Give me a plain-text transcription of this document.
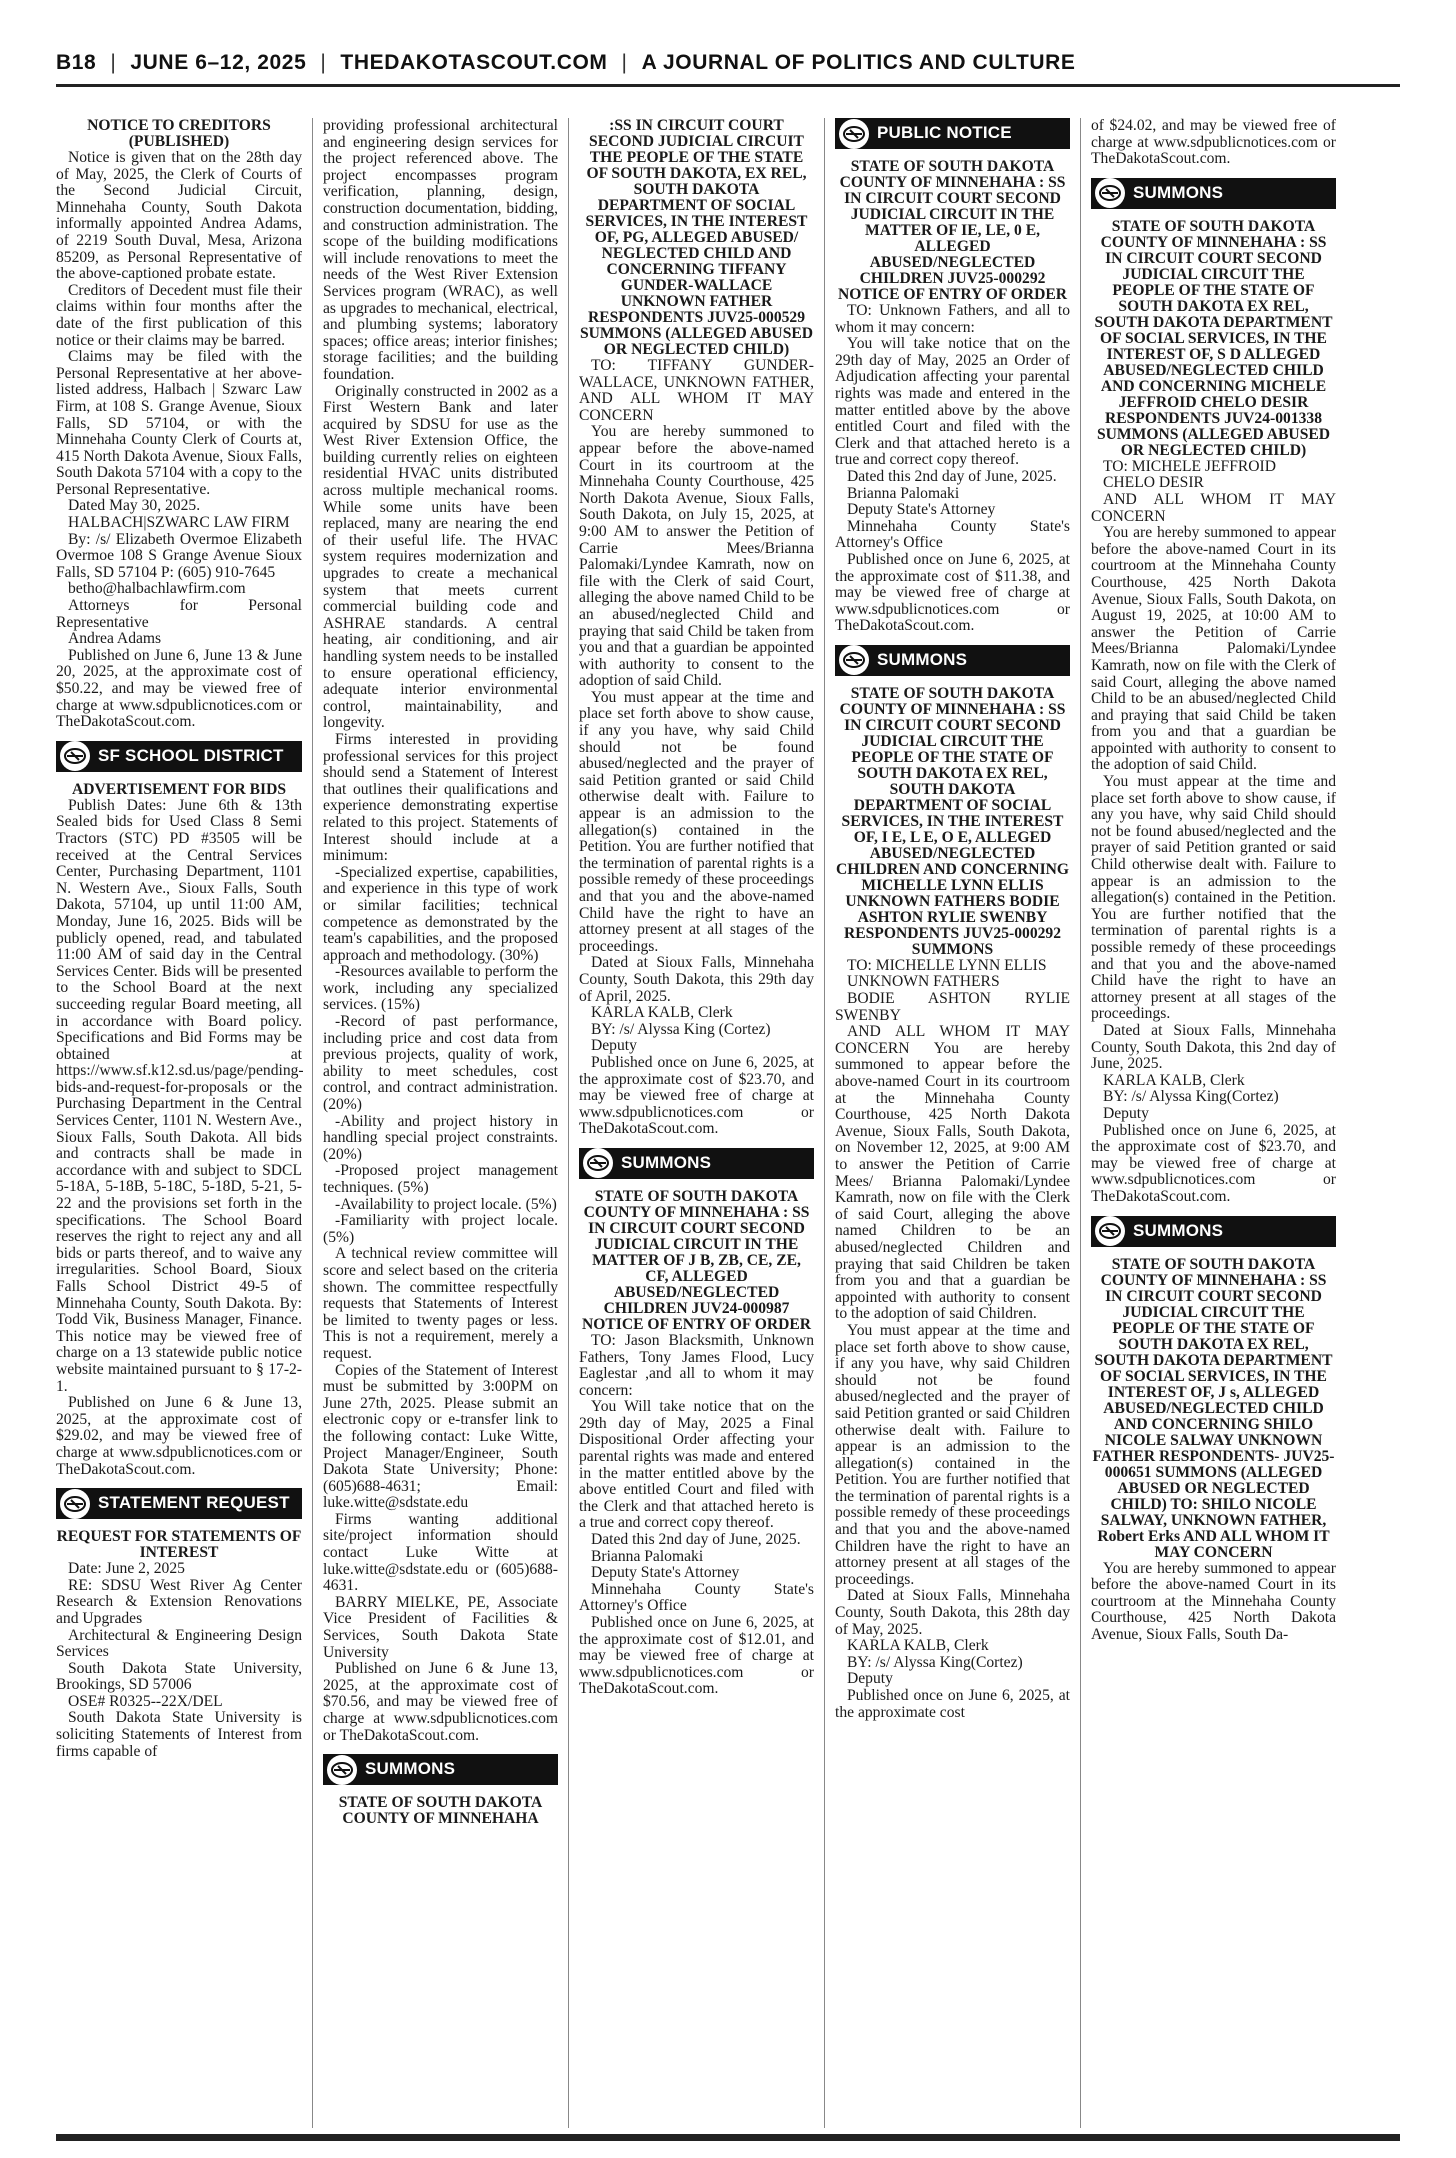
B18 | JUNE 6–12, 2025 | THEDAKOTASCOUT.COM | A JOURNAL OF POLITICS AND CULTURE

NOTICE TO CREDITORS (PUBLISHED)

Notice is given that on the 28th day of May, 2025, the Clerk of Courts of the Second Judicial Circuit, Minnehaha County, South Dakota informally appointed Andrea Adams, of 2219 South Duval, Mesa, Arizona 85209, as Personal Representative of the above-captioned probate estate.

Creditors of Decedent must file their claims within four months after the date of the first publication of this notice or their claims may be barred.

Claims may be filed with the Personal Representative at her above-listed address, Halbach | Szwarc Law Firm, at 108 S. Grange Avenue, Sioux Falls, SD 57104, or with the Minnehaha County Clerk of Courts at, 415 North Dakota Avenue, Sioux Falls, South Dakota 57104 with a copy to the Personal Representative.

Dated May 30, 2025.

HALBACH|SZWARC LAW FIRM

By: /s/ Elizabeth Overmoe Elizabeth Overmoe 108 S Grange Avenue Sioux Falls, SD 57104 P: (605) 910-7645

betho@halbachlawfirm.com

Attorneys for Personal Representative

Andrea Adams

Published on June 6, June 13 & June 20, 2025, at the approximate cost of $50.22, and may be viewed free of charge at www.sdpublicnotices.com or TheDakotaScout.com.

SF SCHOOL DISTRICT

ADVERTISEMENT FOR BIDS

Publish Dates: June 6th & 13th Sealed bids for Used Class 8 Semi Tractors (STC) PD #3505 will be received at the Central Services Center, Purchasing Department, 1101 N. Western Ave., Sioux Falls, South Dakota, 57104, up until 11:00 AM, Monday, June 16, 2025. Bids will be publicly opened, read, and tabulated 11:00 AM of said day in the Central Services Center. Bids will be presented to the School Board at the next succeeding regular Board meeting, all in accordance with Board policy. Specifications and Bid Forms may be obtained at https://www.sf.k12.sd.us/page/pending-bids-and-request-for-proposals or the Purchasing Department in the Central Services Center, 1101 N. Western Ave., Sioux Falls, South Dakota. All bids and contracts shall be made in accordance with and subject to SDCL 5-18A, 5-18B, 5-18C, 5-18D, 5-21, 5-22 and the provisions set forth in the specifications. The School Board reserves the right to reject any and all bids or parts thereof, and to waive any irregularities. School Board, Sioux Falls School District 49-5 of Minnehaha County, South Dakota. By: Todd Vik, Business Manager, Finance. This notice may be viewed free of charge on a 13 statewide public notice website maintained pursuant to § 17-2-1.

Published on June 6 & June 13, 2025, at the approximate cost of $29.02, and may be viewed free of charge at www.sdpublicnotices.com or TheDakotaScout.com.

STATEMENT REQUEST

REQUEST FOR STATEMENTS OF INTEREST

Date: June 2, 2025

RE: SDSU West River Ag Center Research & Extension Renovations and Upgrades

Architectural & Engineering Design Services

South Dakota State University, Brookings, SD 57006

OSE# R0325--22X/DEL

South Dakota State University is soliciting Statements of Interest from firms capable of

providing professional architectural and engineering design services for the project referenced above. The project encompasses program verification, planning, design, construction documentation, bidding, and construction administration. The scope of the building modifications will include renovations to meet the needs of the West River Extension Services program (WRAC), as well as upgrades to mechanical, electrical, and plumbing systems; laboratory spaces; office areas; interior finishes; storage facilities; and the building foundation.

Originally constructed in 2002 as a First Western Bank and later acquired by SDSU for use as the West River Extension Office, the building currently relies on eighteen residential HVAC units distributed across multiple mechanical rooms. While some units have been replaced, many are nearing the end of their useful life. The HVAC system requires modernization and upgrades to create a mechanical system that meets current commercial building code and ASHRAE standards. A central heating, air conditioning, and air handling system needs to be installed to ensure operational efficiency, adequate interior environmental control, maintainability, and longevity.

Firms interested in providing professional services for this project should send a Statement of Interest that outlines their qualifications and experience demonstrating expertise related to this project. Statements of Interest should include at a minimum:

-Specialized expertise, capabilities, and experience in this type of work or similar facilities; technical competence as demonstrated by the team's capabilities, and the proposed approach and methodology. (30%)

-Resources available to perform the work, including any specialized services. (15%)

-Record of past performance, including price and cost data from previous projects, quality of work, ability to meet schedules, cost control, and contract administration. (20%)

-Ability and project history in handling special project constraints. (20%)

-Proposed project management techniques. (5%)

-Availability to project locale. (5%)

-Familiarity with project locale. (5%)

A technical review committee will score and select based on the criteria shown. The committee respectfully requests that Statements of Interest be limited to twenty pages or less. This is not a requirement, merely a request.

Copies of the Statement of Interest must be submitted by 3:00PM on June 27th, 2025. Please submit an electronic copy or e-transfer link to the following contact: Luke Witte, Project Manager/Engineer, South Dakota State University; Phone: (605)688-4631; Email: luke.witte@sdstate.edu

Firms wanting additional site/project information should contact Luke Witte at luke.witte@sdstate.edu or (605)688-4631.

BARRY MIELKE, PE, Associate Vice President of Facilities & Services, South Dakota State University

Published on June 6 & June 13, 2025, at the approximate cost of $70.56, and may be viewed free of charge at www.sdpublicnotices.com or TheDakotaScout.com.

SUMMONS

STATE OF SOUTH DAKOTA COUNTY OF MINNEHAHA

:SS IN CIRCUIT COURT SECOND JUDICIAL CIRCUIT THE PEOPLE OF THE STATE OF SOUTH DAKOTA, EX REL, SOUTH DAKOTA DEPARTMENT OF SOCIAL SERVICES, IN THE INTEREST OF, PG, ALLEGED ABUSED/ NEGLECTED CHILD AND CONCERNING TIFFANY GUNDER-WALLACE UNKNOWN FATHER RESPONDENTS JUV25-000529 SUMMONS (ALLEGED ABUSED OR NEGLECTED CHILD)

TO: TIFFANY GUNDER-WALLACE, UNKNOWN FATHER, AND ALL WHOM IT MAY CONCERN

You are hereby summoned to appear before the above-named Court in its courtroom at the Minnehaha County Courthouse, 425 North Dakota Avenue, Sioux Falls, South Dakota, on July 15, 2025, at 9:00 AM to answer the Petition of Carrie Mees/Brianna Palomaki/Lyndee Kamrath, now on file with the Clerk of said Court, alleging the above named Child to be an abused/neglected Child and praying that said Child be taken from you and that a guardian be appointed with authority to consent to the adoption of said Child.

You must appear at the time and place set forth above to show cause, if any you have, why said Child should not be found abused/neglected and the prayer of said Petition granted or said Child otherwise dealt with. Failure to appear is an admission to the allegation(s) contained in the Petition. You are further notified that the termination of parental rights is a possible remedy of these proceedings and that you and the above-named Child have the right to have an attorney present at all stages of the proceedings.

Dated at Sioux Falls, Minnehaha County, South Dakota, this 29th day of April, 2025.

KARLA KALB, Clerk

BY: /s/ Alyssa King (Cortez)

Deputy

Published once on June 6, 2025, at the approximate cost of $23.70, and may be viewed free of charge at www.sdpublicnotices.com or TheDakotaScout.com.

SUMMONS

STATE OF SOUTH DAKOTA COUNTY OF MINNEHAHA : SS IN CIRCUIT COURT SECOND JUDICIAL CIRCUIT IN THE MATTER OF J B, ZB, CE, ZE, CF, ALLEGED ABUSED/NEGLECTED CHILDREN JUV24-000987 NOTICE OF ENTRY OF ORDER

TO: Jason Blacksmith, Unknown Fathers, Tony James Flood, Lucy Eaglestar ,and all to whom it may concern:

You Will take notice that on the 29th day of May, 2025 a Final Dispositional Order affecting your parental rights was made and entered in the matter entitled above by the above entitled Court and filed with the Clerk and that attached hereto is a true and correct copy thereof.

Dated this 2nd day of June, 2025.

Brianna Palomaki

Deputy State's Attorney

Minnehaha County State's Attorney's Office

Published once on June 6, 2025, at the approximate cost of $12.01, and may be viewed free of charge at www.sdpublicnotices.com or TheDakotaScout.com.

PUBLIC NOTICE

STATE OF SOUTH DAKOTA COUNTY OF MINNEHAHA : SS IN CIRCUIT COURT SECOND JUDICIAL CIRCUIT IN THE MATTER OF IE, LE, 0 E, ALLEGED ABUSED/NEGLECTED CHILDREN JUV25-000292 NOTICE OF ENTRY OF ORDER

TO: Unknown Fathers, and all to whom it may concern:

You will take notice that on the 29th day of May, 2025 an Order of Adjudication affecting your parental rights was made and entered in the matter entitled above by the above entitled Court and filed with the Clerk and that attached hereto is a true and correct copy thereof.

Dated this 2nd day of June, 2025.

Brianna Palomaki

Deputy State's Attorney

Minnehaha County State's Attorney's Office

Published once on June 6, 2025, at the approximate cost of $11.38, and may be viewed free of charge at www.sdpublicnotices.com or TheDakotaScout.com.

SUMMONS

STATE OF SOUTH DAKOTA COUNTY OF MINNEHAHA : SS IN CIRCUIT COURT SECOND JUDICIAL CIRCUIT THE PEOPLE OF THE STATE OF SOUTH DAKOTA EX REL, SOUTH DAKOTA DEPARTMENT OF SOCIAL SERVICES, IN THE INTEREST OF, I E, L E, O E, ALLEGED ABUSED/NEGLECTED CHILDREN AND CONCERNING MICHELLE LYNN ELLIS UNKNOWN FATHERS BODIE ASHTON RYLIE SWENBY RESPONDENTS JUV25-000292 SUMMONS

TO: MICHELLE LYNN ELLIS

UNKNOWN FATHERS

BODIE ASHTON RYLIE SWENBY

AND ALL WHOM IT MAY CONCERN You are hereby summoned to appear before the above-named Court in its courtroom at the Minnehaha County Courthouse, 425 North Dakota Avenue, Sioux Falls, South Dakota, on November 12, 2025, at 9:00 AM to answer the Petition of Carrie Mees/ Brianna Palomaki/Lyndee Kamrath, now on file with the Clerk of said Court, alleging the above named Children to be an abused/neglected Children and praying that said Children be taken from you and that a guardian be appointed with authority to consent to the adoption of said Children.

You must appear at the time and place set forth above to show cause, if any you have, why said Children should not be found abused/neglected and the prayer of said Petition granted or said Children otherwise dealt with. Failure to appear is an admission to the allegation(s) contained in the Petition. You are further notified that the termination of parental rights is a possible remedy of these proceedings and that you and the above-named Children have the right to have an attorney present at all stages of the proceedings.

Dated at Sioux Falls, Minnehaha County, South Dakota, this 28th day of May, 2025.

KARLA KALB, Clerk

BY: /s/ Alyssa King(Cortez)

Deputy

Published once on June 6, 2025, at the approximate cost

of $24.02, and may be viewed free of charge at www.sdpublicnotices.com or TheDakotaScout.com.

SUMMONS

STATE OF SOUTH DAKOTA COUNTY OF MINNEHAHA : SS IN CIRCUIT COURT SECOND JUDICIAL CIRCUIT THE PEOPLE OF THE STATE OF SOUTH DAKOTA EX REL, SOUTH DAKOTA DEPARTMENT OF SOCIAL SERVICES, IN THE INTEREST OF, S D ALLEGED ABUSED/NEGLECTED CHILD AND CONCERNING MICHELE JEFFROID CHELO DESIR RESPONDENTS JUV24-001338 SUMMONS (ALLEGED ABUSED OR NEGLECTED CHILD)

TO: MICHELE JEFFROID

CHELO DESIR

AND ALL WHOM IT MAY CONCERN

You are hereby summoned to appear before the above-named Court in its courtroom at the Minnehaha County Courthouse, 425 North Dakota Avenue, Sioux Falls, South Dakota, on August 19, 2025, at 10:00 AM to answer the Petition of Carrie Mees/Brianna Palomaki/Lyndee Kamrath, now on file with the Clerk of said Court, alleging the above named Child to be an abused/neglected Child and praying that said Child be taken from you and that a guardian be appointed with authority to consent to the adoption of said Child.

You must appear at the time and place set forth above to show cause, if any you have, why said Child should not be found abused/neglected and the prayer of said Petition granted or said Child otherwise dealt with. Failure to appear is an admission to the allegation(s) contained in the Petition. You are further notified that the termination of parental rights is a possible remedy of these proceedings and that you and the above-named Child have the right to have an attorney present at all stages of the proceedings.

Dated at Sioux Falls, Minnehaha County, South Dakota, this 2nd day of June, 2025.

KARLA KALB, Clerk

BY: /s/ Alyssa King(Cortez)

Deputy

Published once on June 6, 2025, at the approximate cost of $23.70, and may be viewed free of charge at www.sdpublicnotices.com or TheDakotaScout.com.

SUMMONS

STATE OF SOUTH DAKOTA COUNTY OF MINNEHAHA : SS IN CIRCUIT COURT SECOND JUDICIAL CIRCUIT THE PEOPLE OF THE STATE OF SOUTH DAKOTA EX REL, SOUTH DAKOTA DEPARTMENT OF SOCIAL SERVICES, IN THE INTEREST OF, J s, ALLEGED ABUSED/NEGLECTED CHILD AND CONCERNING SHILO NICOLE SALWAY UNKNOWN FATHER RESPONDENTS- JUV25-000651 SUMMONS (ALLEGED ABUSED OR NEGLECTED CHILD) TO: SHILO NICOLE SALWAY, UNKNOWN FATHER, Robert Erks AND ALL WHOM IT MAY CONCERN

You are hereby summoned to appear before the above-named Court in its courtroom at the Minnehaha County Courthouse, 425 North Dakota Avenue, Sioux Falls, South Da-
